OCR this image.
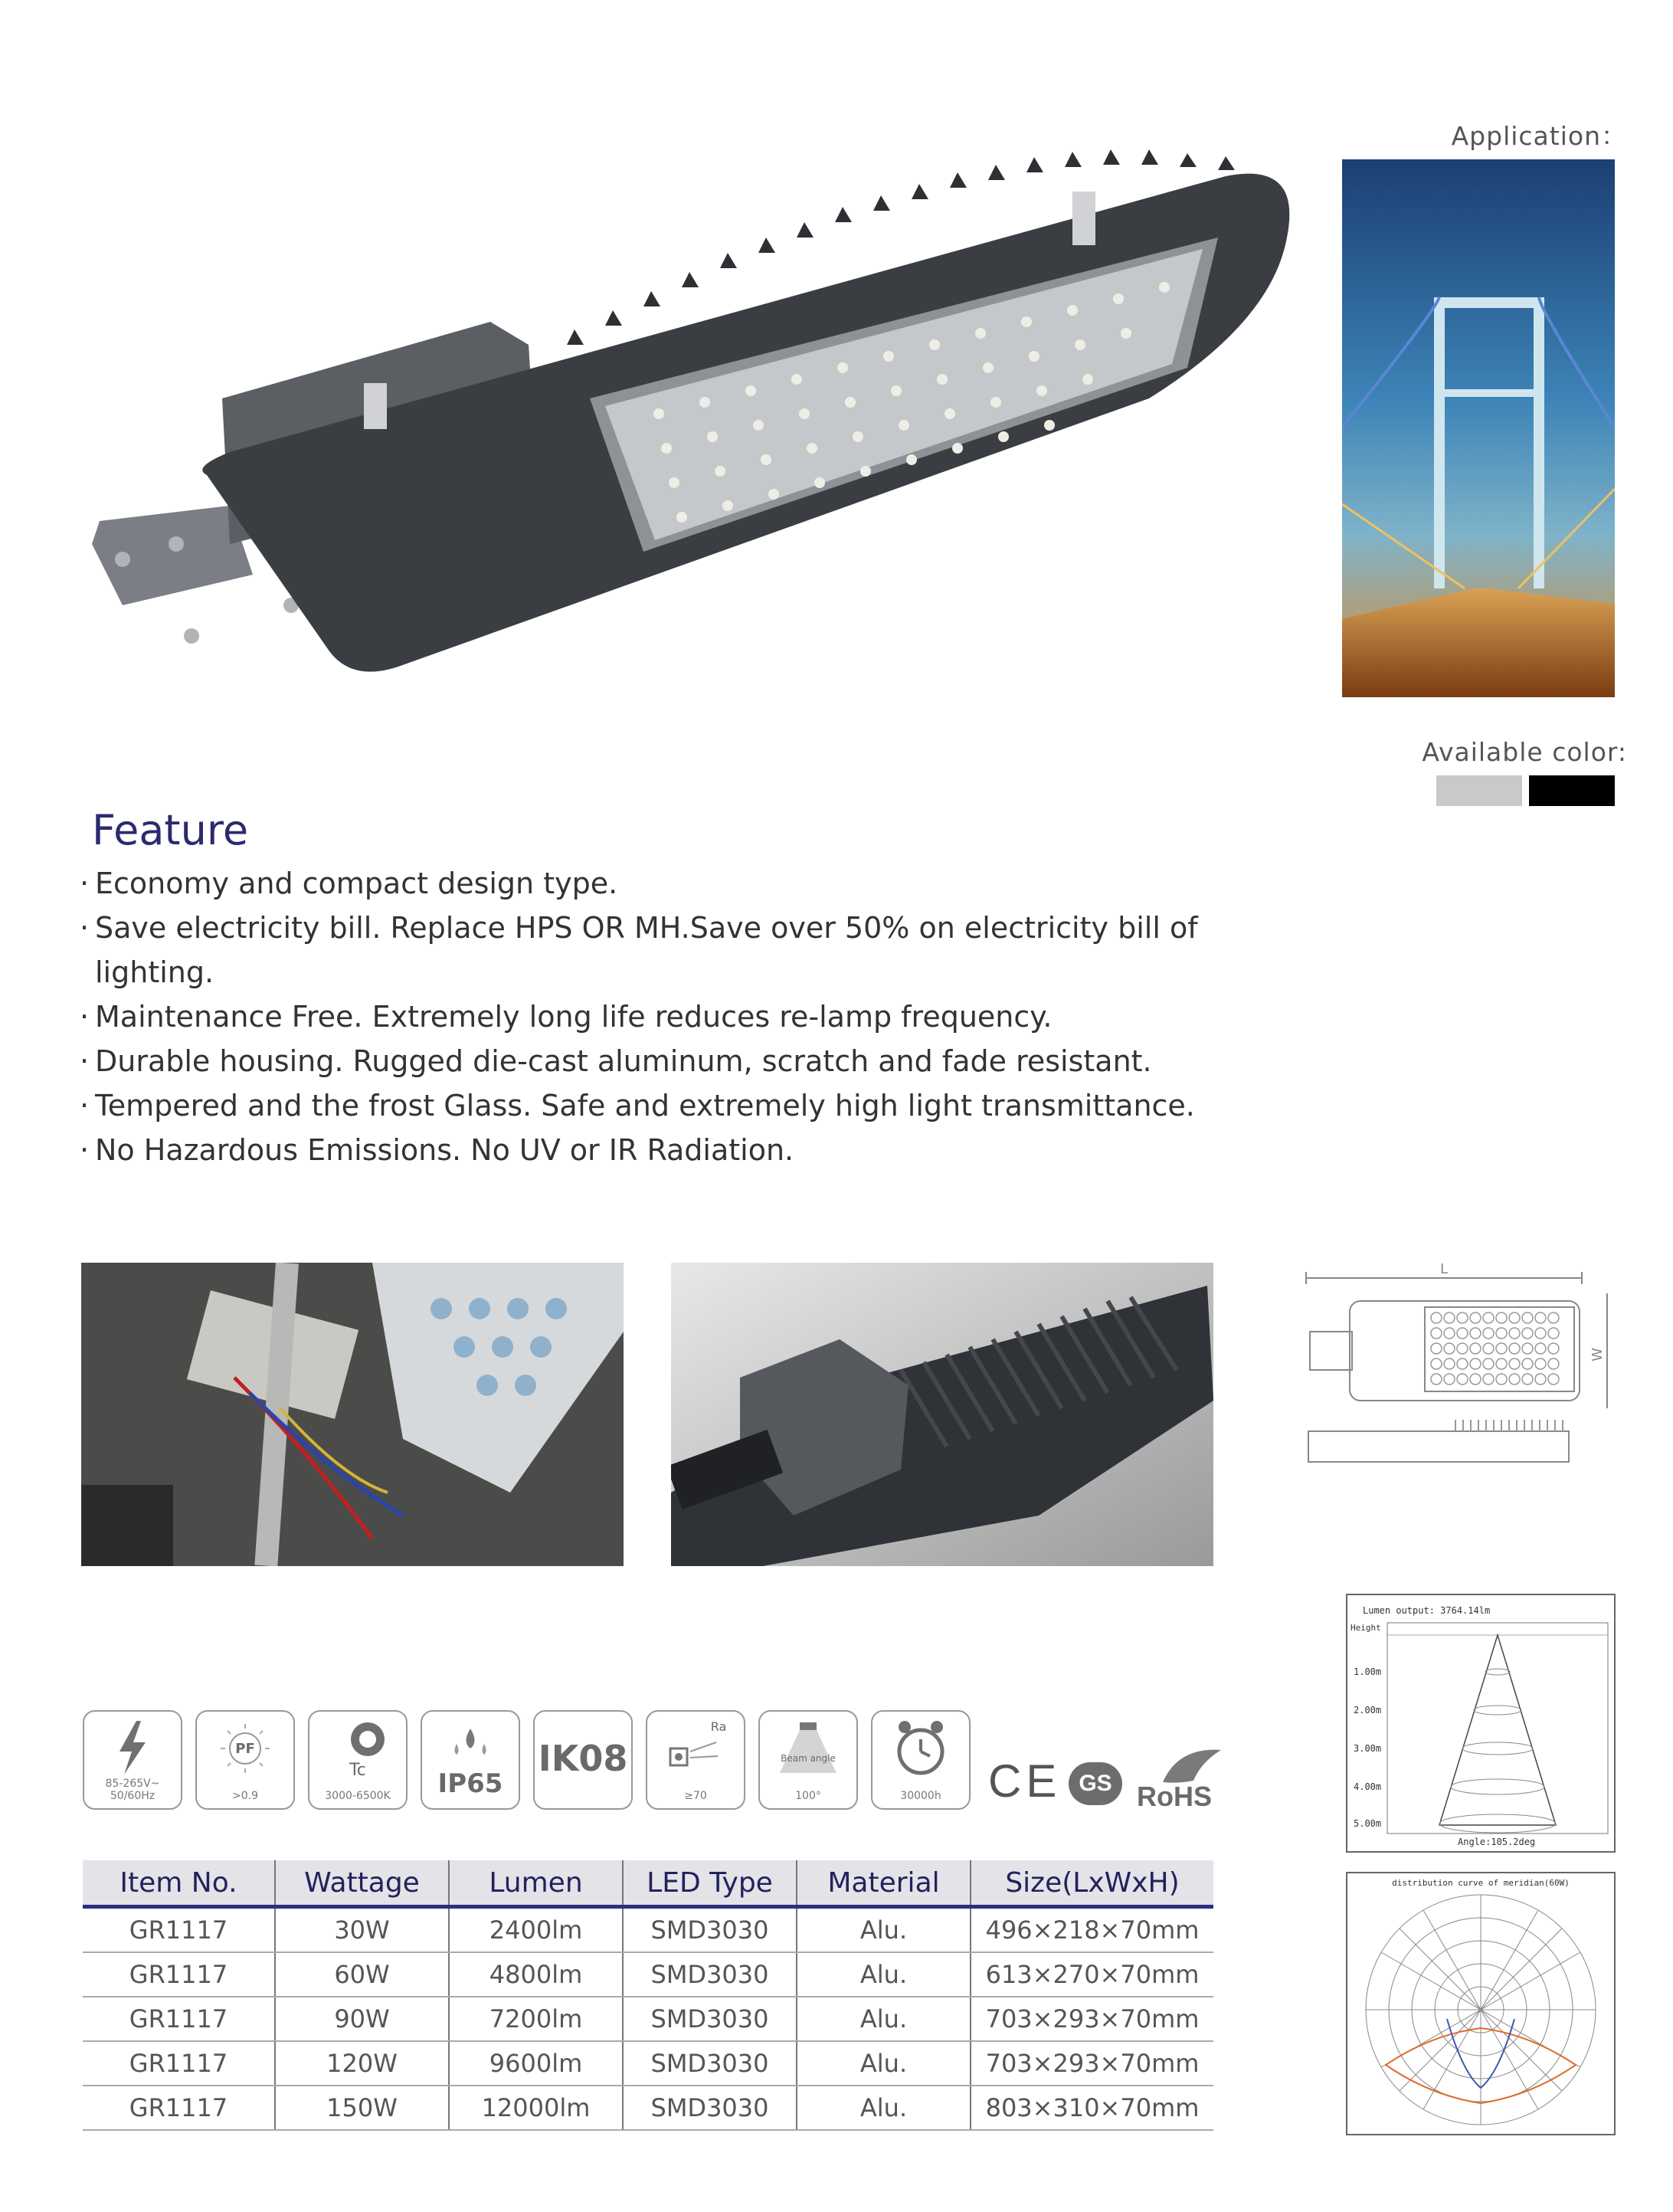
Application：
Available color:
Feature
· Economy and compact design type.
· Save electricity bill. Replace HPS OR MH.Save over 50% on electricity bill of lighting.
· Maintenance Free. Extremely long life reduces re-lamp frequency.
· Durable housing. Rugged die-cast aluminum, scratch and fade resistant.
· Tempered and the frost Glass. Safe and extremely high light transmittance.
· No Hazardous Emissions. No UV or IR Radiation.
L
W
Lumen output: 3764.14lm
Height
1.00m
2.00m
3.00m
4.00m
5.00m
Angle:105.2deg
distribution curve of meridian(60W)
85-265V~ 50/60Hz
PF
>0.9
Tc
3000-6500K	IP65
IK08
Ra
≥70
Beam angle
100°	30000h	CE GS RoHS
Item No.	Wattage	Lumen	LED Type	Material	Size(LxWxH)
GR1117	30W	2400lm	SMD3030	Alu.	496×218×70mm
GR1117	60W	4800lm	SMD3030	Alu.	613×270×70mm
GR1117	90W	7200lm	SMD3030	Alu.	703×293×70mm
GR1117	120W	9600lm	SMD3030	Alu.	703×293×70mm
GR1117	150W	12000lm	SMD3030	Alu.	803×310×70mm
